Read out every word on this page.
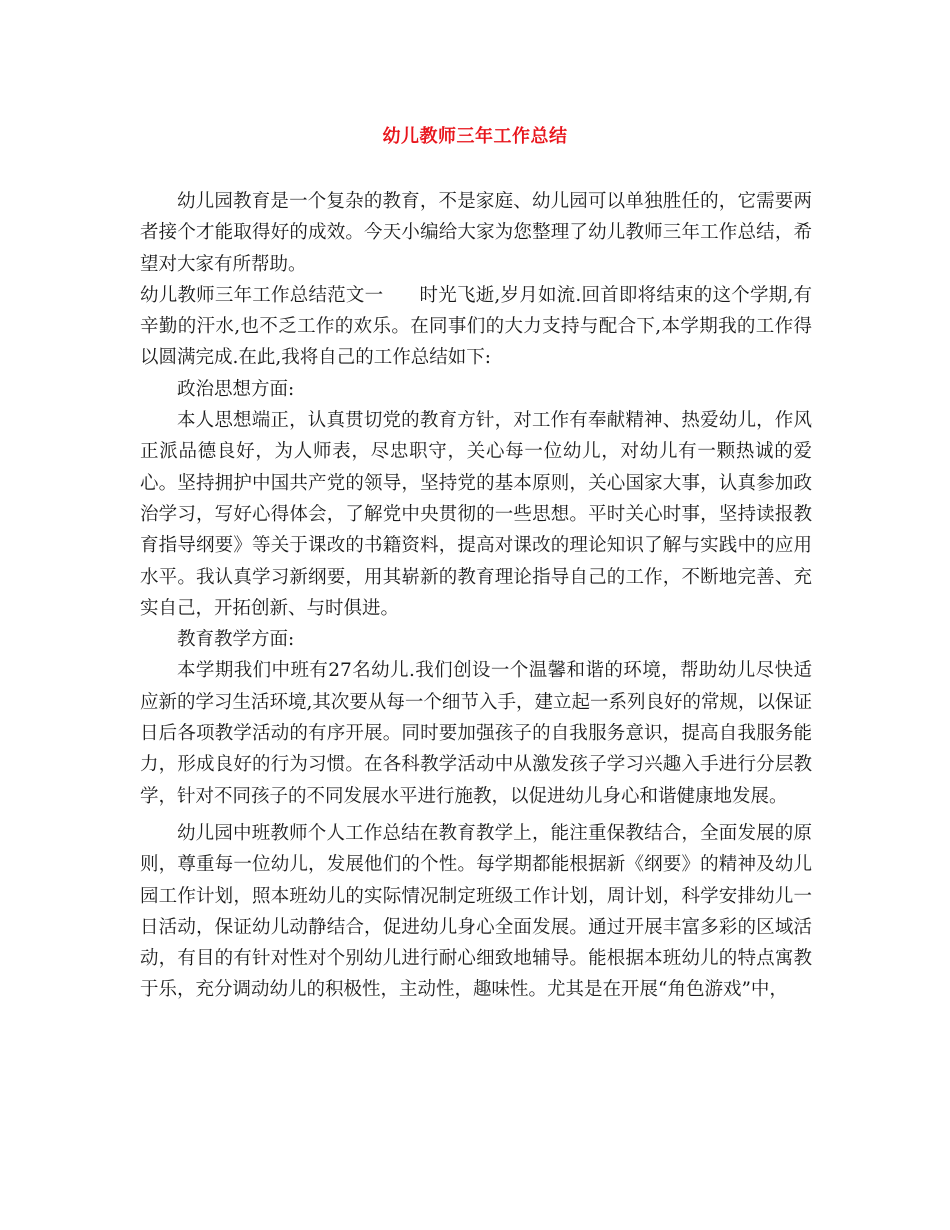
幼儿教师三年工作总结

幼儿园教育是一个复杂的教育，不是家庭、幼儿园可以单独胜任的，它需要两者接个才能取得好的成效。今天小编给大家为您整理了幼儿教师三年工作总结，希望对大家有所帮助。

幼儿教师三年工作总结范文一 时光飞逝,岁月如流.回首即将结束的这个学期,有辛勤的汗水,也不乏工作的欢乐。在同事们的大力支持与配合下,本学期我的工作得以圆满完成.在此,我将自己的工作总结如下:

政治思想方面:

本人思想端正，认真贯切党的教育方针，对工作有奉献精神、热爱幼儿，作风正派品德良好，为人师表，尽忠职守，关心每一位幼儿，对幼儿有一颗热诚的爱心。坚持拥护中国共产党的领导，坚持党的基本原则，关心国家大事，认真参加政治学习，写好心得体会，了解党中央贯彻的一些思想。平时关心时事，坚持读报教育指导纲要》等关于课改的书籍资料，提高对课改的理论知识了解与实践中的应用水平。我认真学习新纲要，用其崭新的教育理论指导自己的工作，不断地完善、充实自己，开拓创新、与时俱进。

教育教学方面:

本学期我们中班有27名幼儿.我们创设一个温馨和谐的环境，帮助幼儿尽快适应新的学习生活环境,其次要从每一个细节入手，建立起一系列良好的常规，以保证日后各项教学活动的有序开展。同时要加强孩子的自我服务意识，提高自我服务能力，形成良好的行为习惯。在各科教学活动中从激发孩子学习兴趣入手进行分层教学，针对不同孩子的不同发展水平进行施教，以促进幼儿身心和谐健康地发展。

幼儿园中班教师个人工作总结在教育教学上，能注重保教结合，全面发展的原则，尊重每一位幼儿，发展他们的个性。每学期都能根据新《纲要》的精神及幼儿园工作计划，照本班幼儿的实际情况制定班级工作计划，周计划，科学安排幼儿一日活动，保证幼儿动静结合，促进幼儿身心全面发展。通过开展丰富多彩的区域活动，有目的有针对性对个别幼儿进行耐心细致地辅导。能根据本班幼儿的特点寓教于乐，充分调动幼儿的积极性，主动性，趣味性。尤其是在开展“角色游戏”中，
